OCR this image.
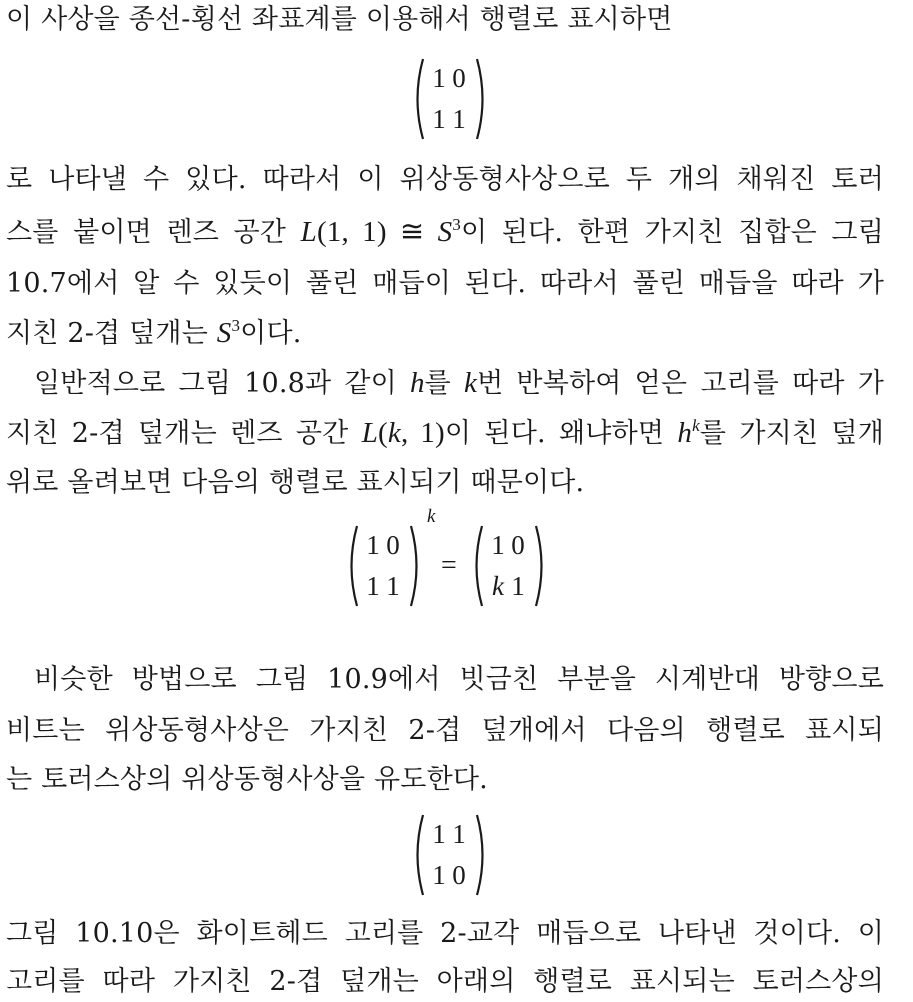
이 사상을 종선-횡선 좌표계를 이용해서 행렬로 표시하면
1 0
1 1
로 나타낼 수 있다. 따라서 이 위상동형사상으로 두 개의 채워진 토러
스를 붙이면 렌즈 공간 L(1, 1) ≅ $S^3$이 된다. 한편 가지친 집합은 그림
10.7에서 알 수 있듯이 풀린 매듭이 된다. 따라서 풀린 매듭을 따라 가
지친 2-겹 덮개는 $S^3$이다.
일반적으로 그림 10.8과 같이 h를 k번 반복하여 얻은 고리를 따라 가
지친 2-겹 덮개는 렌즈 공간 L(k, 1)이 된다. 왜냐하면 $h^k$를 가지친 덮개
위로 올려보면 다음의 행렬로 표시되기 때문이다.
1 0
1 1
k
=
1 0
k 1
비슷한 방법으로 그림 10.9에서 빗금친 부분을 시계반대 방향으로
비트는 위상동형사상은 가지친 2-겹 덮개에서 다음의 행렬로 표시되
는 토러스상의 위상동형사상을 유도한다.
1 1
1 0
그림 10.10은 화이트헤드 고리를 2-교각 매듭으로 나타낸 것이다. 이
고리를 따라 가지친 2-겹 덮개는 아래의 행렬로 표시되는 토러스상의
